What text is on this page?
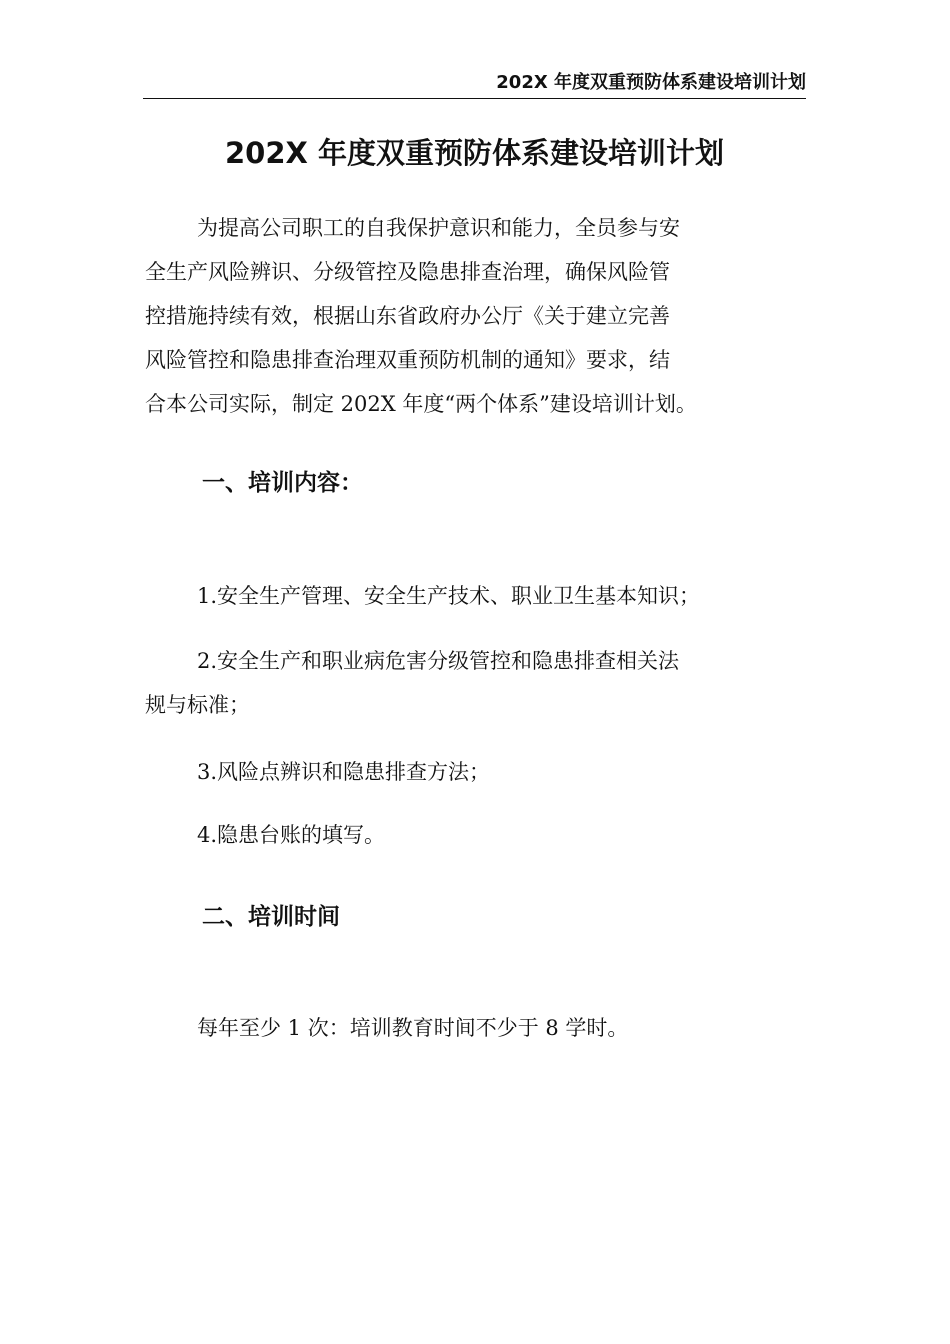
202X 年度双重预防体系建设培训计划
202X 年度双重预防体系建设培训计划
为提高公司职工的自我保护意识和能力，全员参与安
全生产风险辨识、分级管控及隐患排查治理，确保风险管
控措施持续有效，根据山东省政府办公厅《关于建立完善
风险管控和隐患排查治理双重预防机制的通知》要求，结
合本公司实际，制定 202X 年度“两个体系”建设培训计划。
一、培训内容：
1.安全生产管理、安全生产技术、职业卫生基本知识；
2.安全生产和职业病危害分级管控和隐患排查相关法
规与标准；
3.风险点辨识和隐患排查方法；
4.隐患台账的填写。
二、培训时间
每年至少 1 次：培训教育时间不少于 8 学时。
